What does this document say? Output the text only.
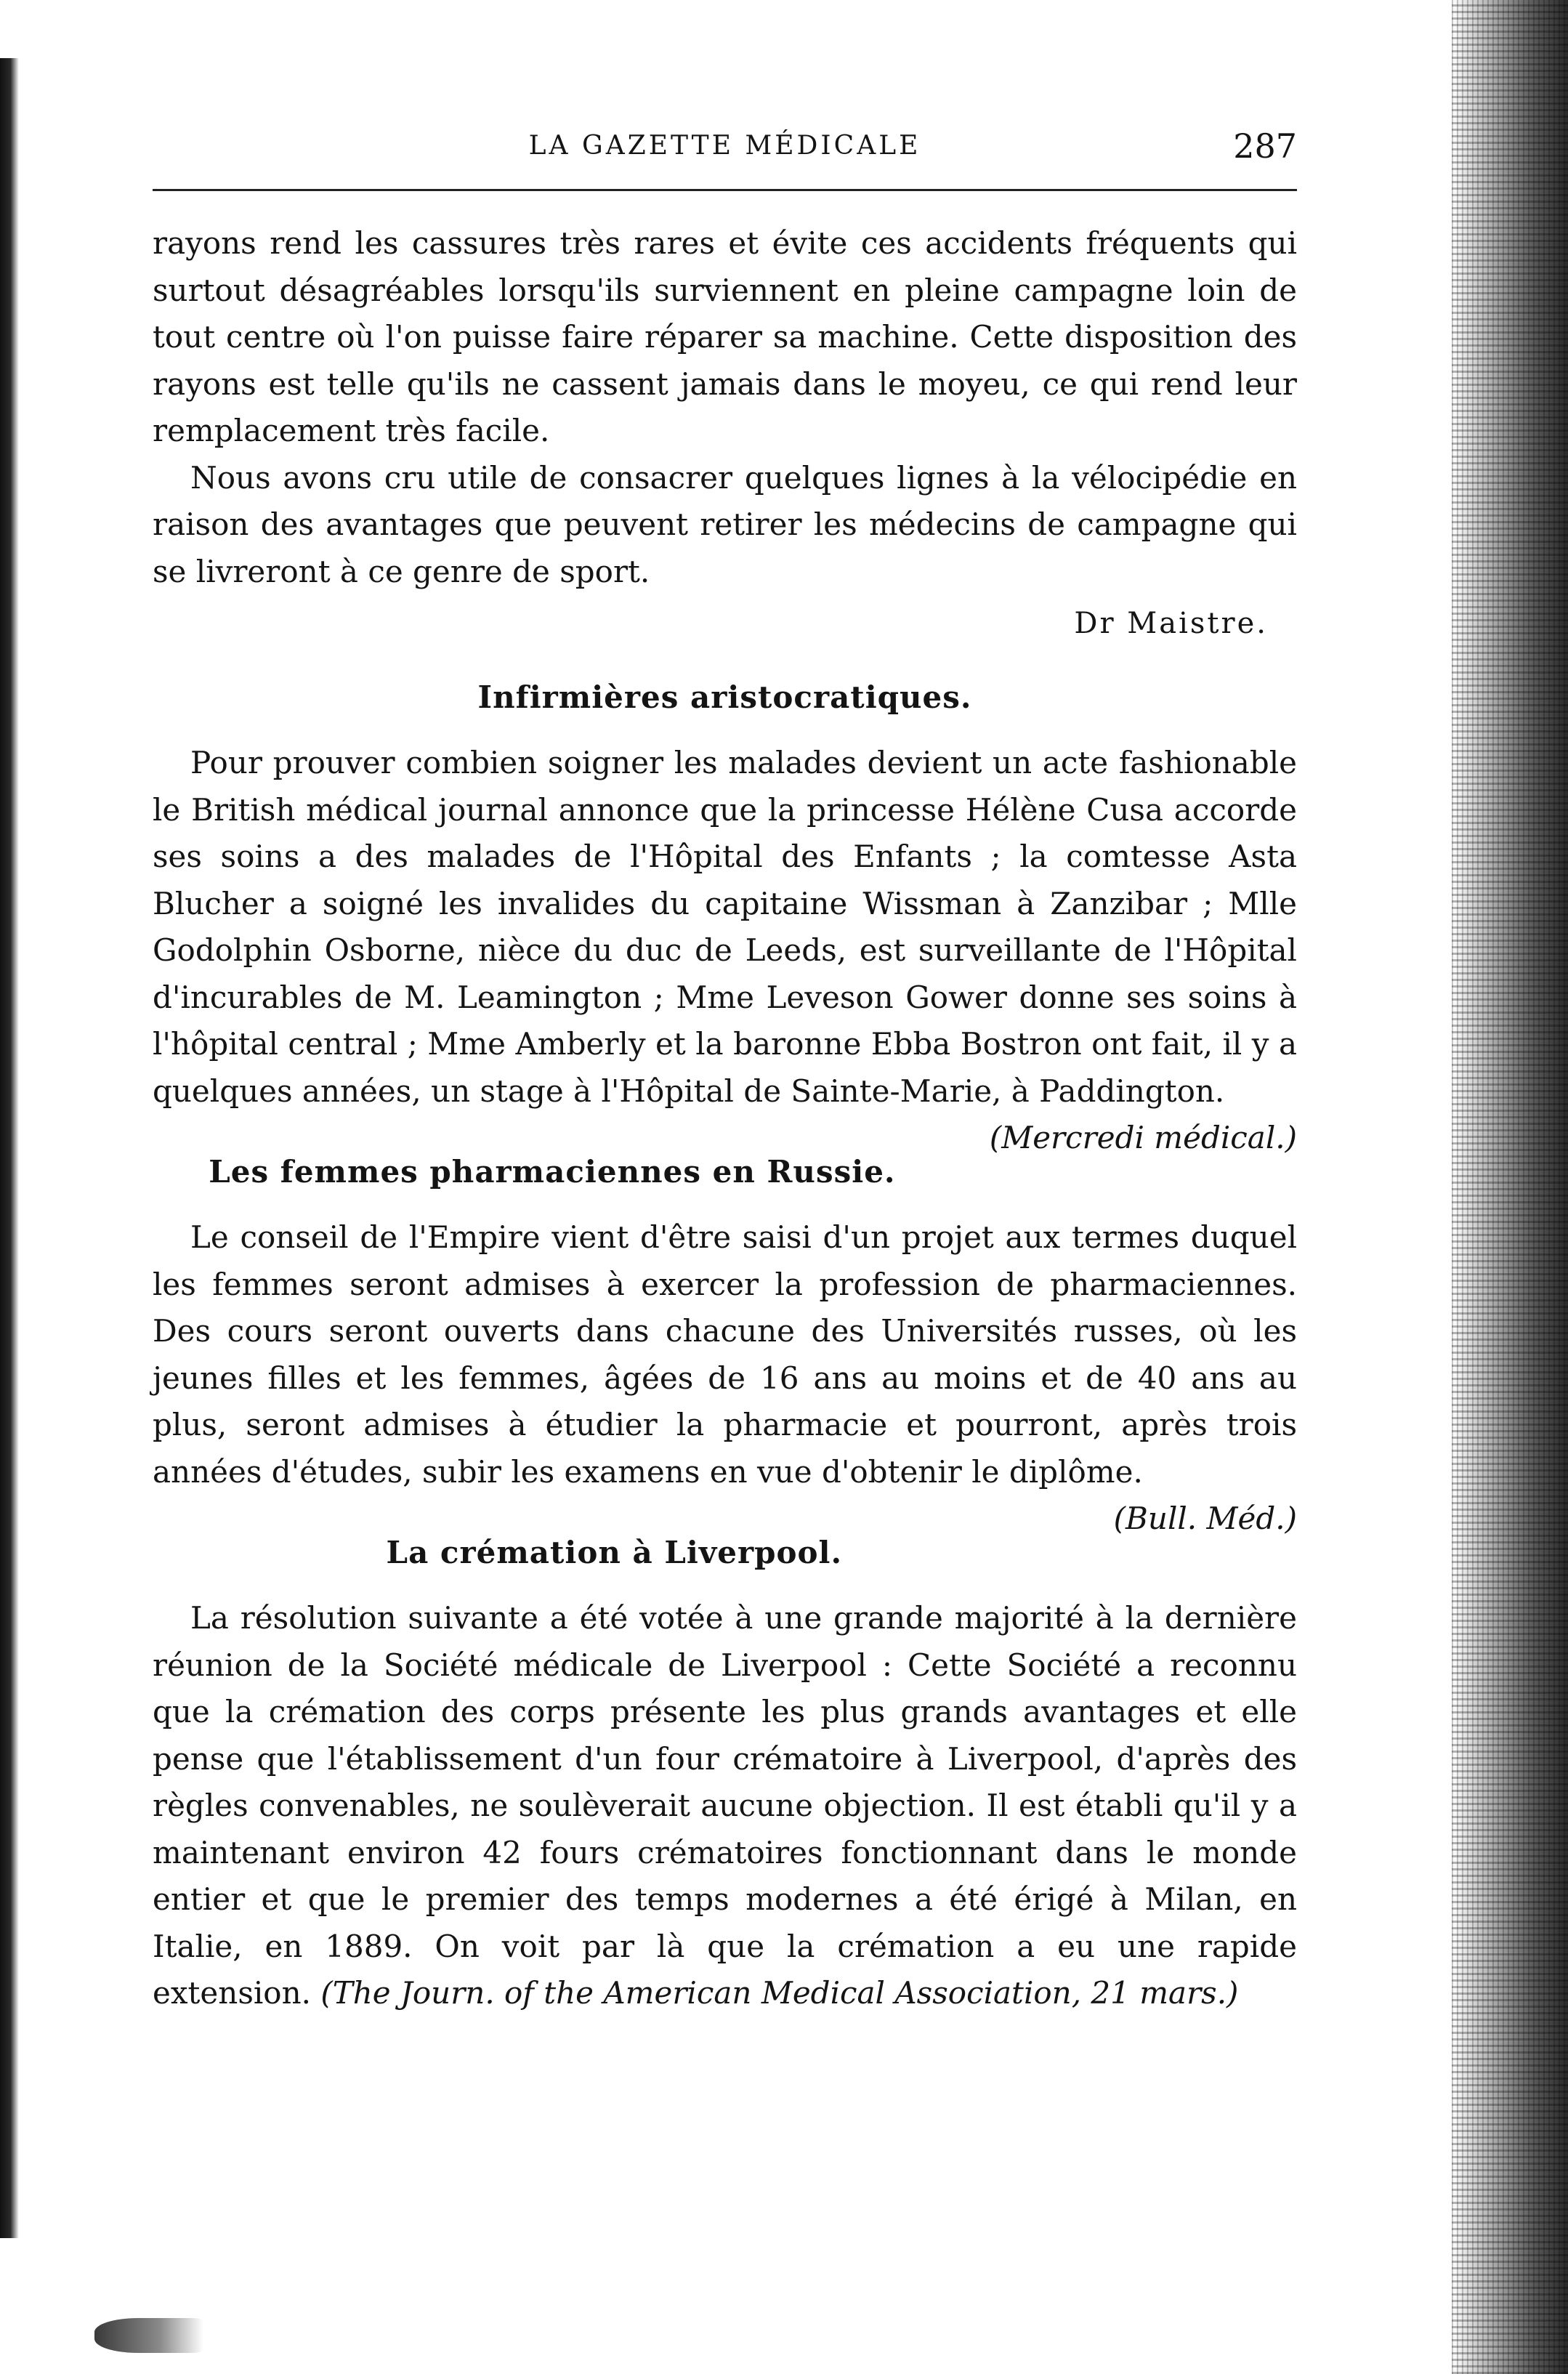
LA GAZETTE MÉDICALE	287

rayons rend les cassures très rares et évite ces accidents fréquents qui surtout désagréables lorsqu'ils surviennent en pleine campagne loin de tout centre où l'on puisse faire réparer sa machine. Cette disposition des rayons est telle qu'ils ne cassent jamais dans le moyeu, ce qui rend leur remplacement très facile.

Nous avons cru utile de consacrer quelques lignes à la vélocipédie en raison des avantages que peuvent retirer les médecins de campagne qui se livreront à ce genre de sport.

Dr Maistre.
Infirmières aristocratiques.

Pour prouver combien soigner les malades devient un acte fashionable le British médical journal annonce que la princesse Hélène Cusa accorde ses soins a des malades de l'Hôpital des Enfants ; la comtesse Asta Blucher a soigné les invalides du capitaine Wissman à Zanzibar ; Mlle Godolphin Osborne, nièce du duc de Leeds, est surveillante de l'Hôpital d'incurables de M. Leamington ; Mme Leveson Gower donne ses soins à l'hôpital central ; Mme Amberly et la baronne Ebba Bostron ont fait, il y a quelques années, un stage à l'Hôpital de Sainte-Marie, à Paddington.
(Mercredi médical.)

Les femmes pharmaciennes en Russie.

Le conseil de l'Empire vient d'être saisi d'un projet aux termes duquel les femmes seront admises à exercer la profession de pharmaciennes. Des cours seront ouverts dans chacune des Universités russes, où les jeunes filles et les femmes, âgées de 16 ans au moins et de 40 ans au plus, seront admises à étudier la pharmacie et pourront, après trois années d'études, subir les examens en vue d'obtenir le diplôme.
(Bull. Méd.)

La crémation à Liverpool.

La résolution suivante a été votée à une grande majorité à la dernière réunion de la Société médicale de Liverpool : Cette Société a reconnu que la crémation des corps présente les plus grands avantages et elle pense que l'établissement d'un four crématoire à Liverpool, d'après des règles convenables, ne soulèverait aucune objection. Il est établi qu'il y a maintenant environ 42 fours crématoires fonctionnant dans le monde entier et que le premier des temps modernes a été érigé à Milan, en Italie, en 1889. On voit par là que la crémation a eu une rapide extension. (The Journ. of the American Medical Association, 21 mars.)
